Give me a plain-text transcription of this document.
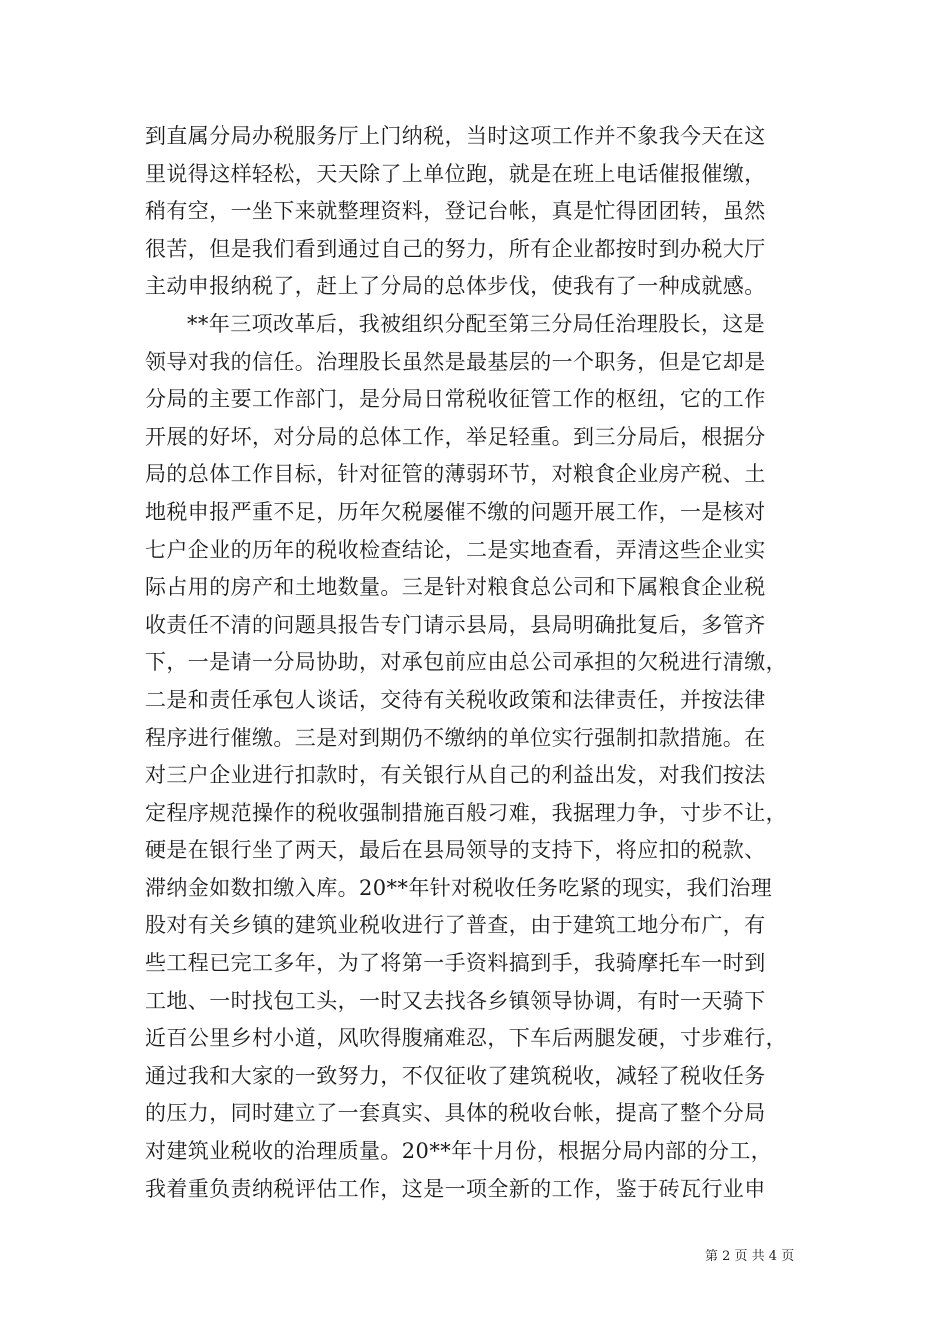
到直属分局办税服务厅上门纳税，当时这项工作并不象我今天在这
里说得这样轻松，天天除了上单位跑，就是在班上电话催报催缴，
稍有空，一坐下来就整理资料，登记台帐，真是忙得团团转，虽然
很苦，但是我们看到通过自己的努力，所有企业都按时到办税大厅
主动申报纳税了，赶上了分局的总体步伐，使我有了一种成就感。
**年三项改革后，我被组织分配至第三分局任治理股长，这是
领导对我的信任。治理股长虽然是最基层的一个职务，但是它却是
分局的主要工作部门，是分局日常税收征管工作的枢纽，它的工作
开展的好坏，对分局的总体工作，举足轻重。到三分局后，根据分
局的总体工作目标，针对征管的薄弱环节，对粮食企业房产税、土
地税申报严重不足，历年欠税屡催不缴的问题开展工作，一是核对
七户企业的历年的税收检查结论，二是实地查看，弄清这些企业实
际占用的房产和土地数量。三是针对粮食总公司和下属粮食企业税
收责任不清的问题具报告专门请示县局，县局明确批复后，多管齐
下，一是请一分局协助，对承包前应由总公司承担的欠税进行清缴，
二是和责任承包人谈话，交待有关税收政策和法律责任，并按法律
程序进行催缴。三是对到期仍不缴纳的单位实行强制扣款措施。在
对三户企业进行扣款时，有关银行从自己的利益出发，对我们按法
定程序规范操作的税收强制措施百般刁难，我据理力争，寸步不让，
硬是在银行坐了两天，最后在县局领导的支持下，将应扣的税款、
滞纳金如数扣缴入库。20**年针对税收任务吃紧的现实，我们治理
股对有关乡镇的建筑业税收进行了普查，由于建筑工地分布广，有
些工程已完工多年，为了将第一手资料搞到手，我骑摩托车一时到
工地、一时找包工头，一时又去找各乡镇领导协调，有时一天骑下
近百公里乡村小道，风吹得腹痛难忍，下车后两腿发硬，寸步难行，
通过我和大家的一致努力，不仅征收了建筑税收，减轻了税收任务
的压力，同时建立了一套真实、具体的税收台帐，提高了整个分局
对建筑业税收的治理质量。20**年十月份，根据分局内部的分工，
我着重负责纳税评估工作，这是一项全新的工作，鉴于砖瓦行业申
第 2 页 共 4 页
